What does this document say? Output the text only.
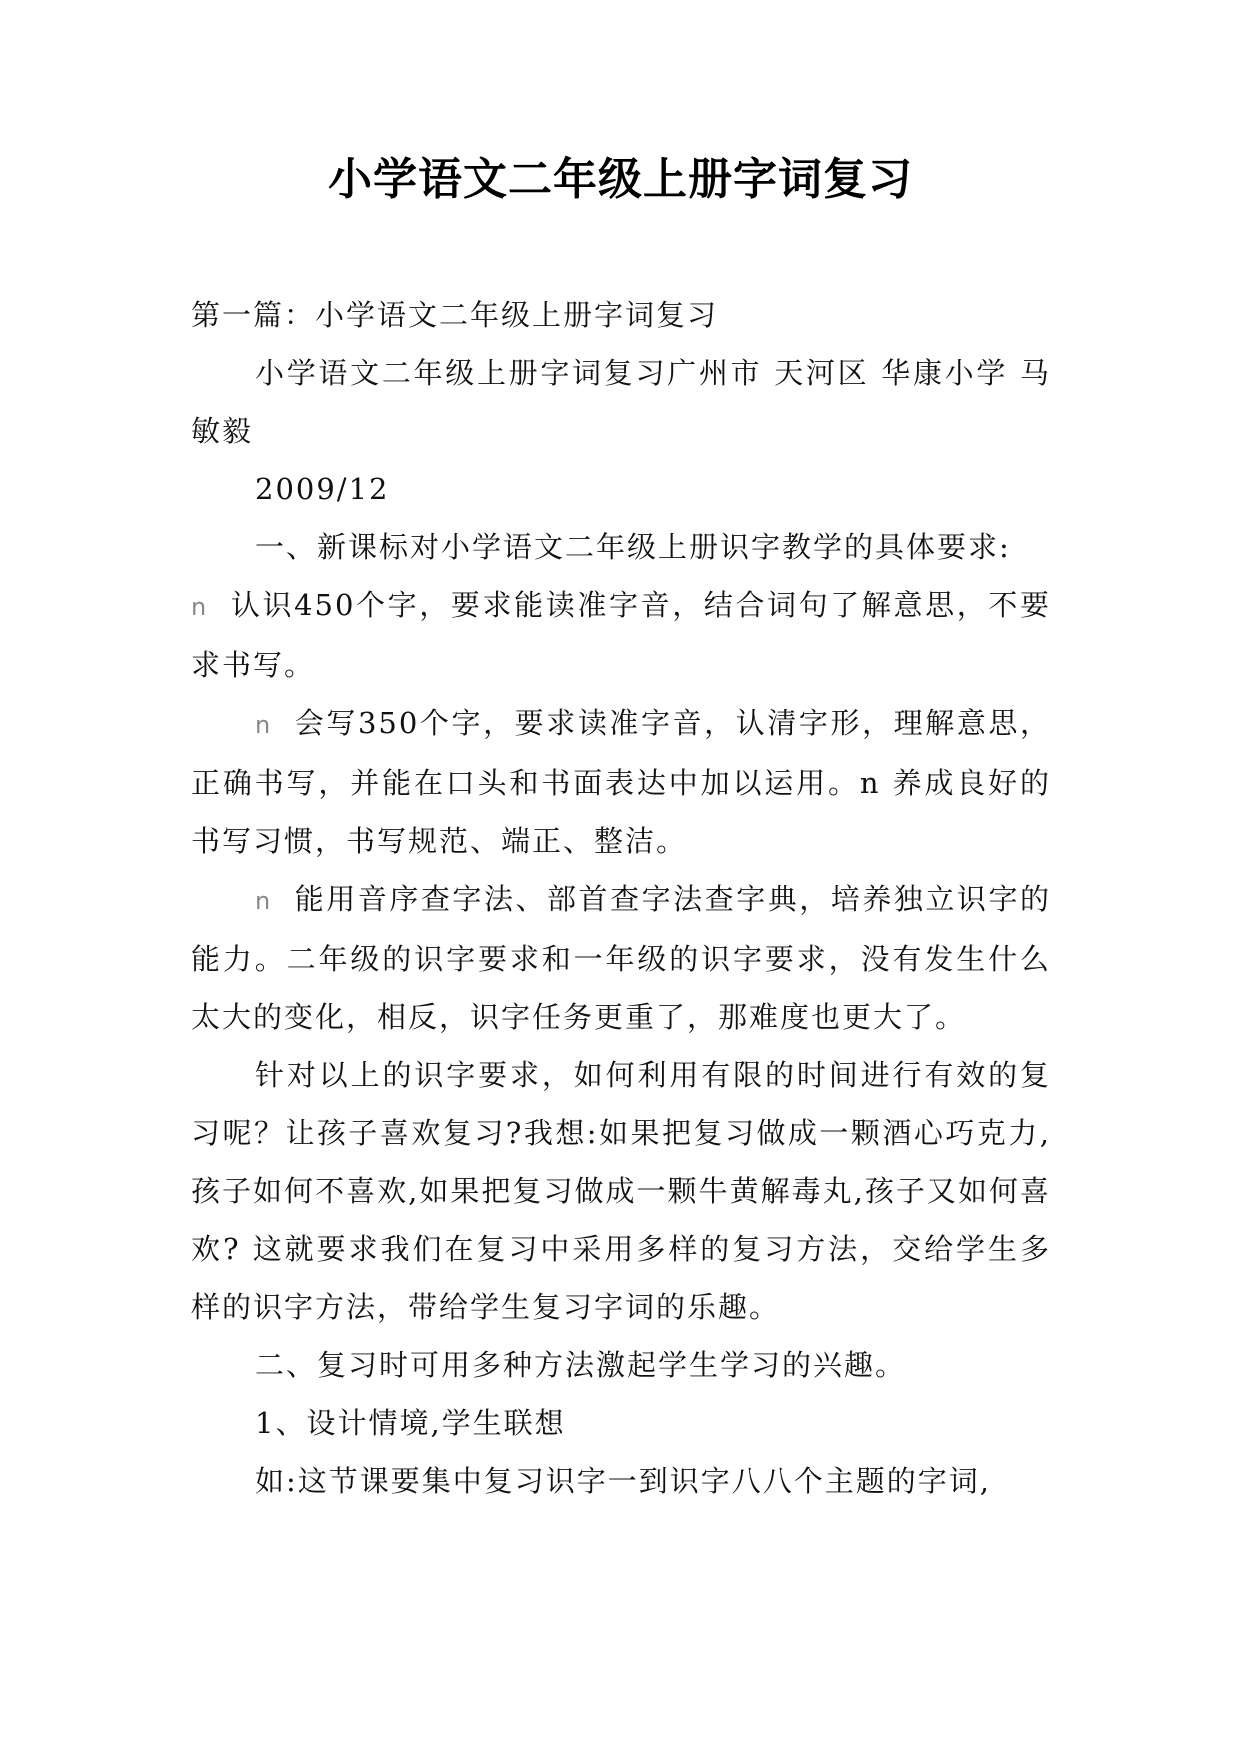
小学语文二年级上册字词复习

第一篇：小学语文二年级上册字词复习

小学语文二年级上册字词复习广州市 天河区 华康小学 马敏毅

2009/12

一、新课标对小学语文二年级上册识字教学的具体要求:

n 认识450个字，要求能读准字音，结合词句了解意思，不要求书写。

n 会写350个字，要求读准字音，认清字形，理解意思，正确书写，并能在口头和书面表达中加以运用。n 养成良好的书写习惯，书写规范、端正、整洁。

n 能用音序查字法、部首查字法查字典，培养独立识字的能力。二年级的识字要求和一年级的识字要求，没有发生什么太大的变化，相反，识字任务更重了，那难度也更大了。

针对以上的识字要求，如何利用有限的时间进行有效的复习呢？让孩子喜欢复习?我想:如果把复习做成一颗酒心巧克力,孩子如何不喜欢,如果把复习做成一颗牛黄解毒丸,孩子又如何喜欢? 这就要求我们在复习中采用多样的复习方法，交给学生多样的识字方法，带给学生复习字词的乐趣。

二、复习时可用多种方法激起学生学习的兴趣。

1、设计情境,学生联想

如:这节课要集中复习识字一到识字八八个主题的字词,
